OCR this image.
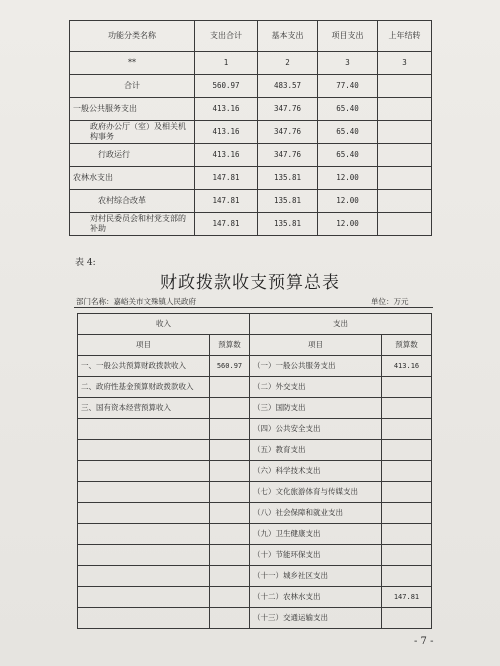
功能分类名称	支出合计	基本支出	项目支出	上年结转
**	1	2	3	3
合计	560.97	483.57	77.40	
一般公共服务支出	413.16	347.76	65.40	
政府办公厅（室）及相关机构事务	413.16	347.76	65.40	
行政运行	413.16	347.76	65.40	
农林水支出	147.81	135.81	12.00	
农村综合改革	147.81	135.81	12.00	
对村民委员会和村党支部的补助	147.81	135.81	12.00	
表 4:
财政拨款收支预算总表
部门名称：嘉峪关市文殊镇人民政府	单位：万元
收入		支出	
项目	预算数	项目	预算数
一、一般公共预算财政拨款收入	560.97	（一）一般公共服务支出	413.16
二、政府性基金预算财政拨款收入		（二）外交支出	
三、国有资本经营预算收入		（三）国防支出	
		（四）公共安全支出	
		（五）教育支出	
		（六）科学技术支出	
		（七）文化旅游体育与传媒支出	
		（八）社会保障和就业支出	
		（九）卫生健康支出	
		（十）节能环保支出	
		（十一）城乡社区支出	
		（十二）农林水支出	147.81
		（十三）交通运输支出	
- 7 -
